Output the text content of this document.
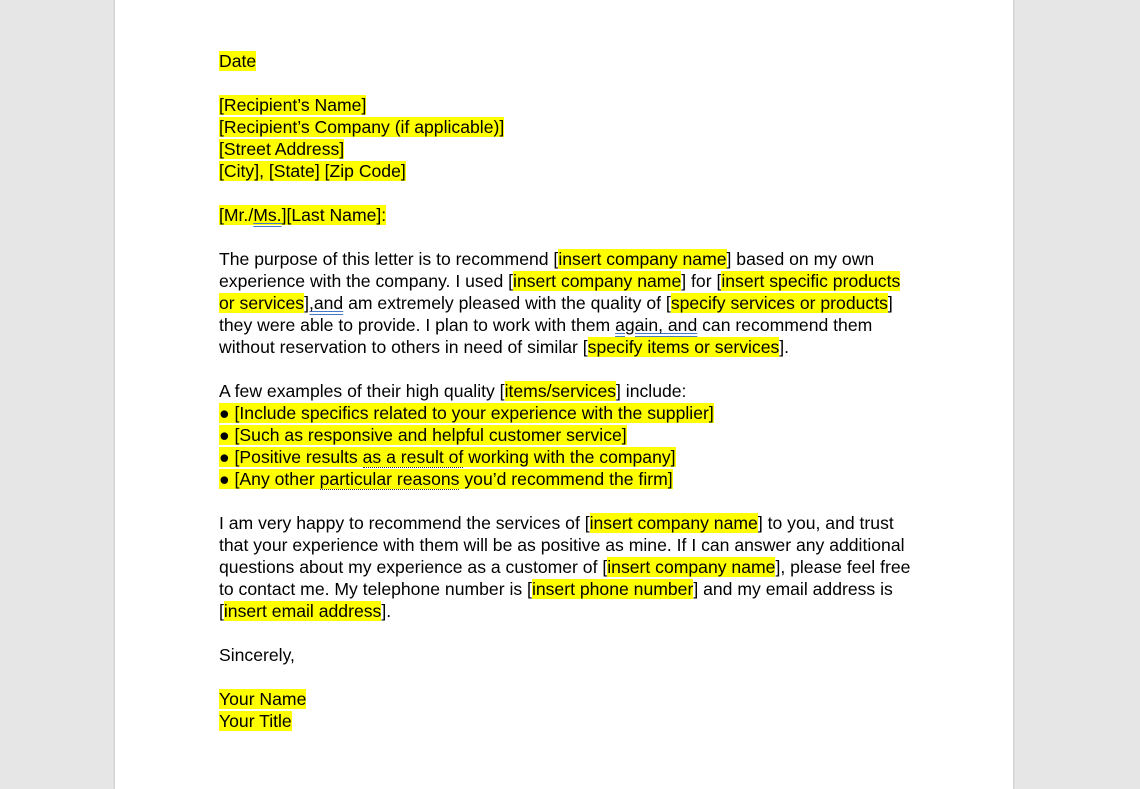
Date

[Recipient’s Name]

[Recipient’s Company (if applicable)]

[Street Address]

[City], [State] [Zip Code]

[Mr./Ms.][Last Name]:

The purpose of this letter is to recommend [insert company name] based on my own experience with the company. I used [insert company name] for [insert specific products or services],and am extremely pleased with the quality of [specify services or products] they were able to provide. I plan to work with them again, and can recommend them without reservation to others in need of similar [specify items or services].

A few examples of their high quality [items/services] include:

● [Include specifics related to your experience with the supplier]

● [Such as responsive and helpful customer service]

● [Positive results as a result of working with the company]

● [Any other particular reasons you’d recommend the firm]

I am very happy to recommend the services of [insert company name] to you, and trust that your experience with them will be as positive as mine. If I can answer any additional questions about my experience as a customer of [insert company name], please feel free to contact me. My telephone number is [insert phone number] and my email address is [insert email address].

Sincerely,

Your Name

Your Title
